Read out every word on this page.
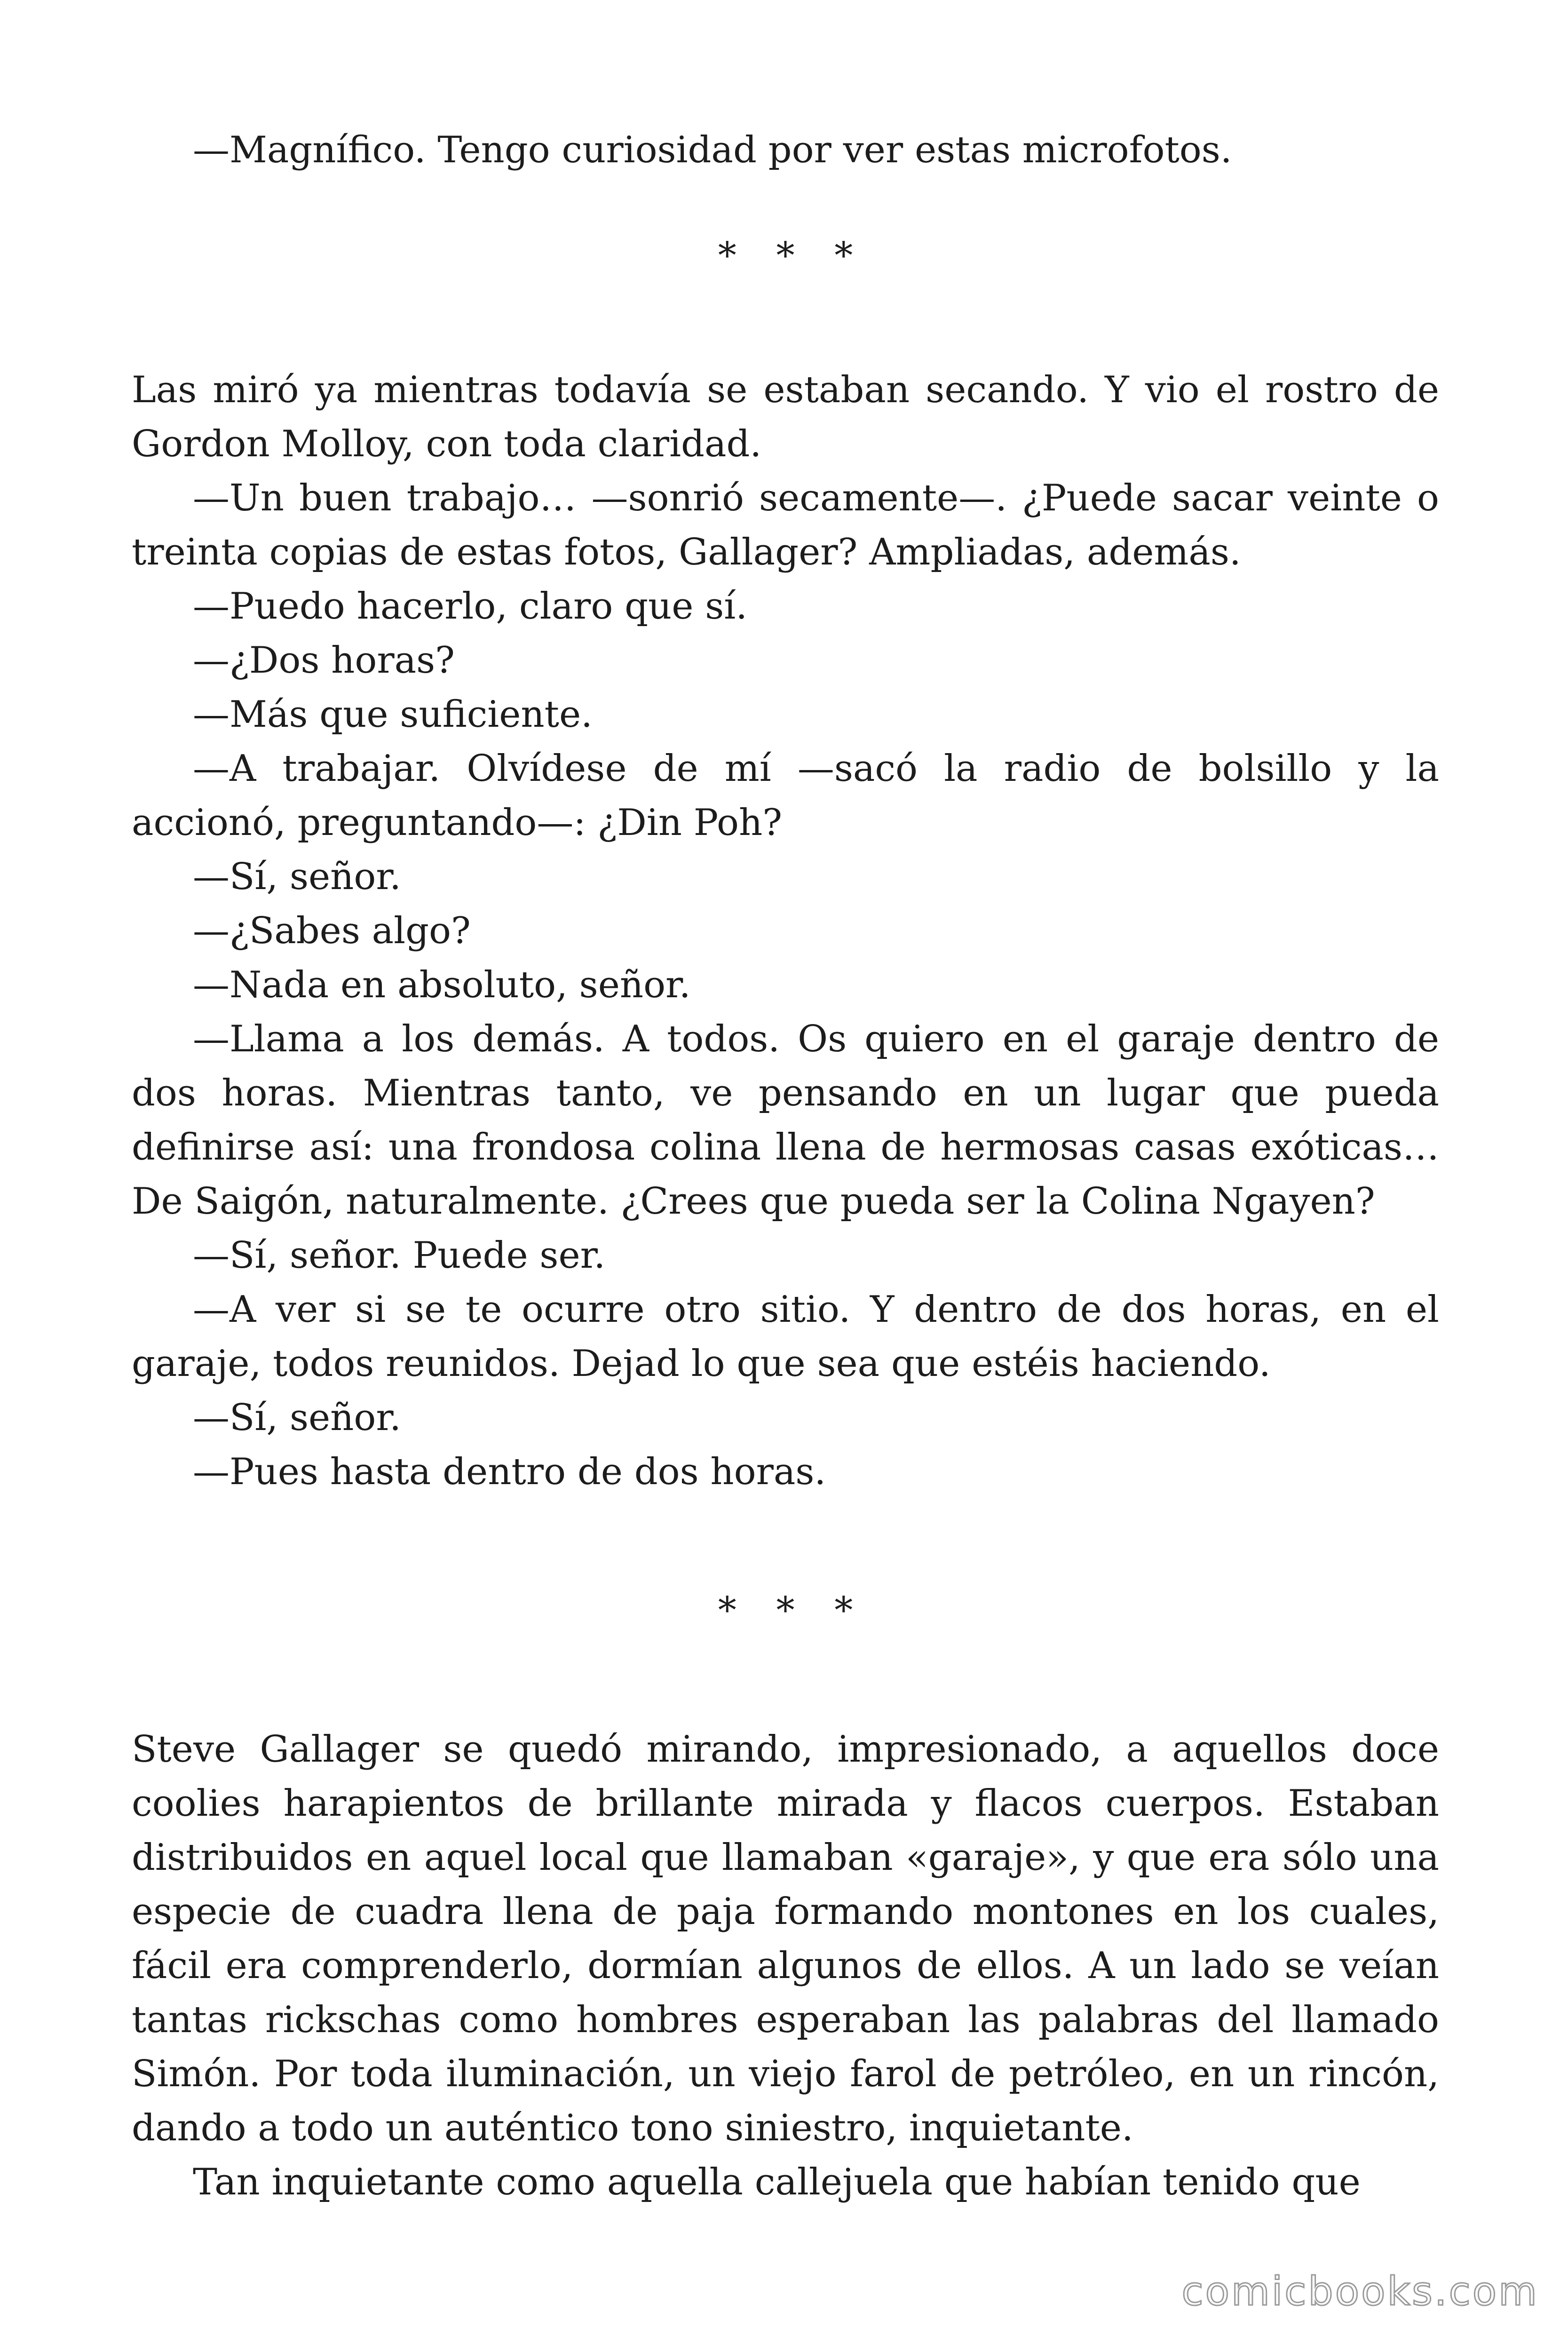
—Magnífico. Tengo curiosidad por ver estas microfotos.

* * *

Las miró ya mientras todavía se estaban secando. Y vio el rostro de Gordon Molloy, con toda claridad.

—Un buen trabajo… —sonrió secamente—. ¿Puede sacar veinte o treinta copias de estas fotos, Gallager? Ampliadas, además.

—Puedo hacerlo, claro que sí.

—¿Dos horas?

—Más que suficiente.

—A trabajar. Olvídese de mí —sacó la radio de bolsillo y la accionó, preguntando—: ¿Din Poh?

—Sí, señor.

—¿Sabes algo?

—Nada en absoluto, señor.

—Llama a los demás. A todos. Os quiero en el garaje dentro de dos horas. Mientras tanto, ve pensando en un lugar que pueda definirse así: una frondosa colina llena de hermosas casas exóticas… De Saigón, naturalmente. ¿Crees que pueda ser la Colina Ngayen?

—Sí, señor. Puede ser.

—A ver si se te ocurre otro sitio. Y dentro de dos horas, en el garaje, todos reunidos. Dejad lo que sea que estéis haciendo.

—Sí, señor.

—Pues hasta dentro de dos horas.

* * *

Steve Gallager se quedó mirando, impresionado, a aquellos doce coolies harapientos de brillante mirada y flacos cuerpos. Estaban distribuidos en aquel local que llamaban «garaje», y que era sólo una especie de cuadra llena de paja formando montones en los cuales, fácil era comprenderlo, dormían algunos de ellos. A un lado se veían tantas rickschas como hombres esperaban las palabras del llamado Simón. Por toda iluminación, un viejo farol de petróleo, en un rincón, dando a todo un auténtico tono siniestro, inquietante.

Tan inquietante como aquella callejuela que habían tenido que

comicbooks.com
